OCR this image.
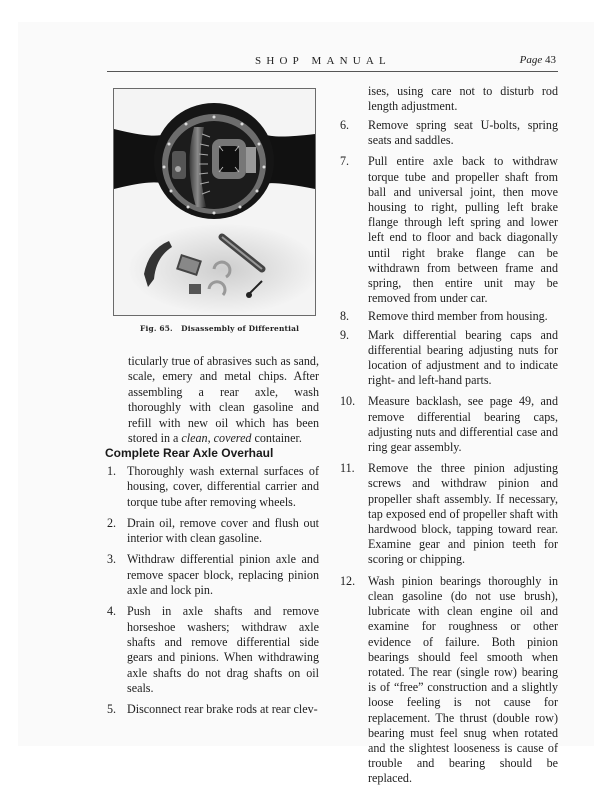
SHOP MANUAL	Page 43
Fig. 65.   Disassembly of Differential

ticularly true of abrasives such as sand, scale, emery and metal chips. After assembling a rear axle, wash thoroughly with clean gasoline and refill with new oil which has been stored in a clean, covered container.

Complete Rear Axle Overhaul
1. Thoroughly wash external surfaces of housing, cover, differential carrier and torque tube after removing wheels.
2. Drain oil, remove cover and flush out interior with clean gasoline.
3. Withdraw differential pinion axle and remove spacer block, replacing pinion axle and lock pin.
4. Push in axle shafts and remove horseshoe washers; withdraw axle shafts and remove differential side gears and pinions. When withdrawing axle shafts do not drag shafts on oil seals.
5. Disconnect rear brake rods at rear clev-

ises, using care not to disturb rod length adjustment.

6.	Remove spring seat U-bolts, spring seats and saddles.
7.	Pull entire axle back to withdraw torque tube and propeller shaft from ball and universal joint, then move housing to right, pulling left brake flange through left spring and lower left end to floor and back diagonally until right brake flange can be withdrawn from between frame and spring, then entire unit may be removed from under car.
8.	Remove third member from housing.
9.	Mark differential bearing caps and differential bearing adjusting nuts for location of adjustment and to indicate right- and left-hand parts.
10.	Measure backlash, see page 49, and remove differential bearing caps, adjusting nuts and differential case and ring gear assembly.
11.	Remove the three pinion adjusting screws and withdraw pinion and propeller shaft assembly. If necessary, tap exposed end of propeller shaft with hardwood block, tapping toward rear. Examine gear and pinion teeth for scoring or chipping.
12.	Wash pinion bearings thoroughly in clean gasoline (do not use brush), lubricate with clean engine oil and examine for roughness or other evidence of failure. Both pinion bearings should feel smooth when rotated. The rear (single row) bearing is of “free” construction and a slightly loose feeling is not cause for replacement. The thrust (double row) bearing must feel snug when rotated and the slightest looseness is cause of trouble and bearing should be replaced.
